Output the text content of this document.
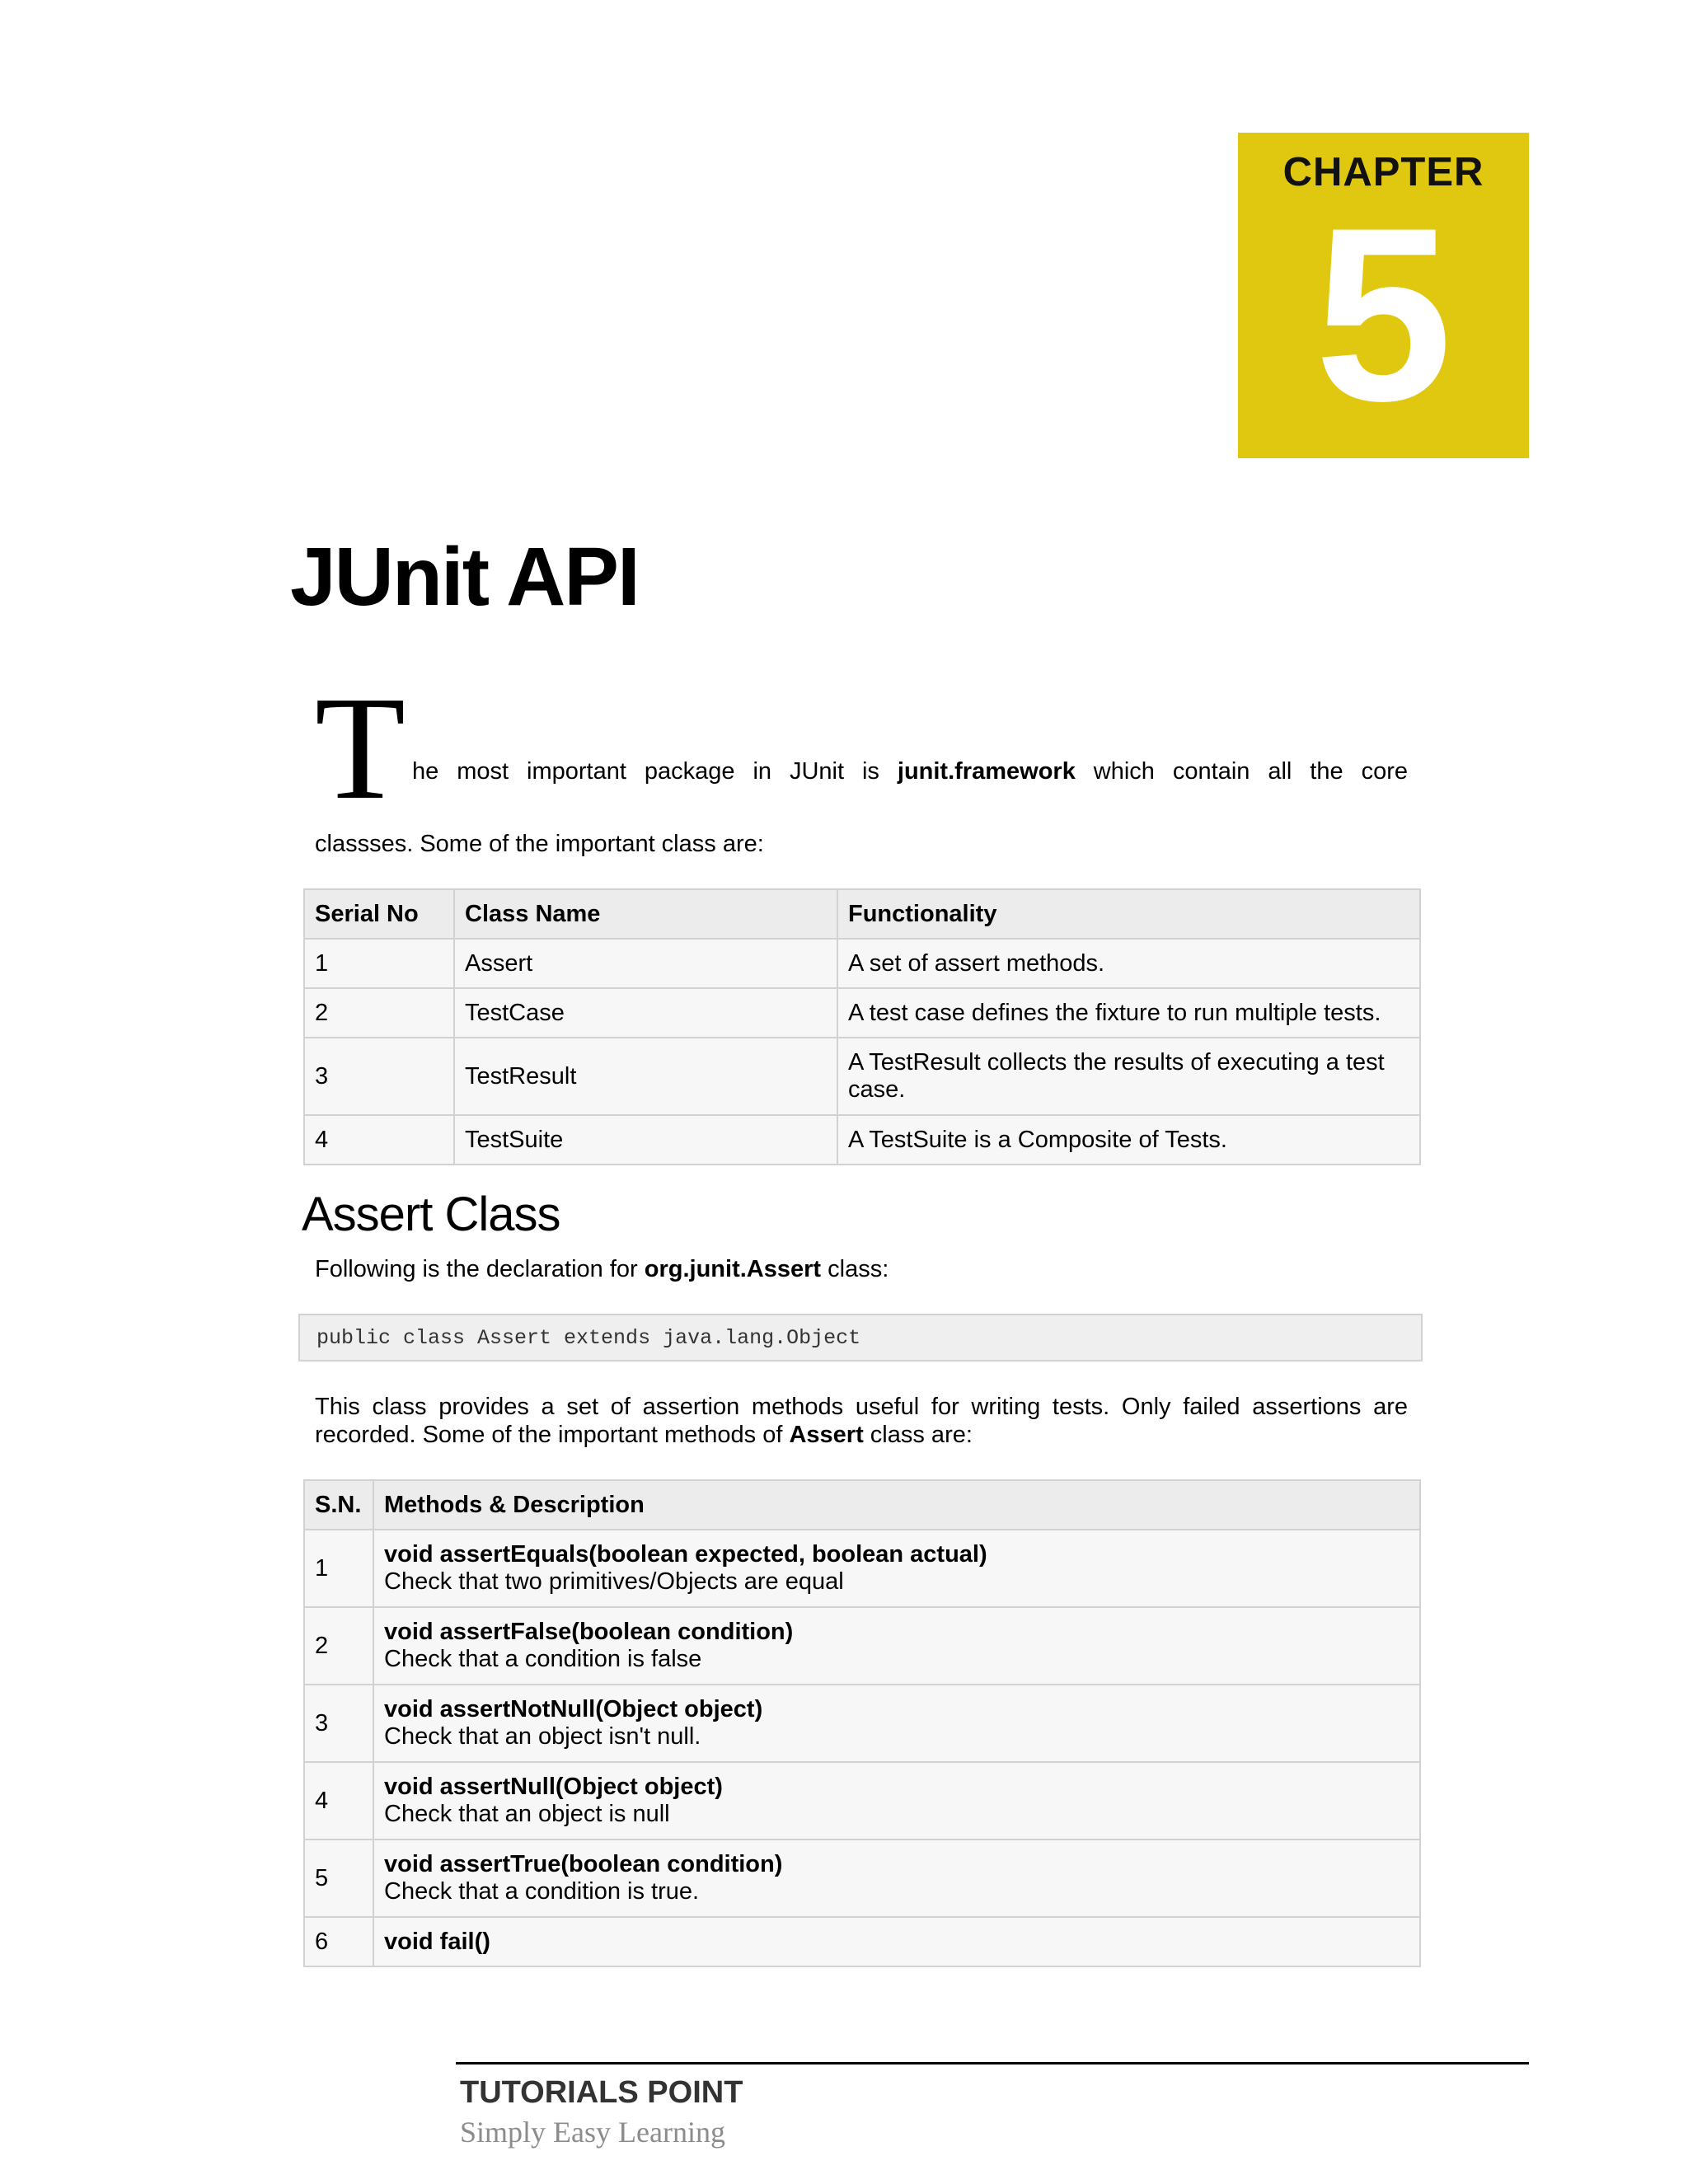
CHAPTER
5
JUnit API
T he most important package in JUnit is junit.framework which contain all the core
classses. Some of the important class are:
Serial No	Class Name	Functionality
1	Assert	A set of assert methods.
2	TestCase	A test case defines the fixture to run multiple tests.
3	TestResult	A TestResult collects the results of executing a test case.
4	TestSuite	A TestSuite is a Composite of Tests.
Assert Class
Following is the declaration for org.junit.Assert class:
public class Assert extends java.lang.Object
This class provides a set of assertion methods useful for writing tests. Only failed assertions are recorded. Some of the important methods of Assert class are:
S.N.	Methods & Description
1	void assertEquals(boolean expected, boolean actual)
Check that two primitives/Objects are equal

2	void assertFalse(boolean condition)
Check that a condition is false

3	void assertNotNull(Object object)
Check that an object isn't null.

4	void assertNull(Object object)
Check that an object is null

5	void assertTrue(boolean condition)
Check that a condition is true.

6	void fail()
TUTORIALS POINT
Simply Easy Learning
